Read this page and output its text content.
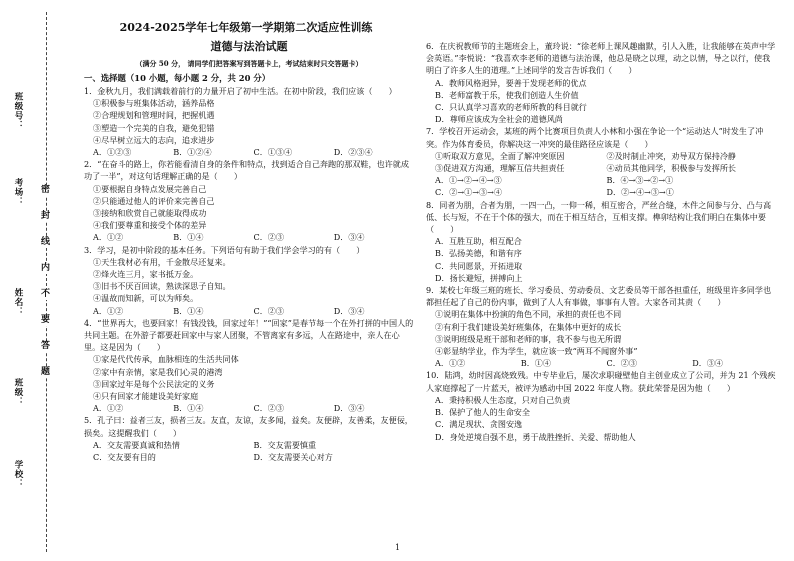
班级号：
考场：
姓名：
班级：
学校：
密
封
线
内
不
要
答
题
2024-2025学年七年级第一学期第二次适应性训练
道德与法治试题
（满分 50 分， 请同学们把答案写到答题卡上，考试结束时只交答题卡）
一、选择题（10 小题，每小题 2 分，共 20 分）

1．金秋九月，我们满载着前行的力量开启了初中生活。在初中阶段，我们应该（　　）

①积极参与班集体活动，涵养品格
②合理规划和管理时间，把握机遇
③塑造一个完美的自我，避免犯错
④尽早树立远大的志向，追求进步
A．①②③	B．①②④	C．①③④	D．②③④

2．“在奋斗的路上，你若能看清自身的条件和特点，找到适合自己奔跑的那双鞋，也许就成功了一半”，对这句话理解正确的是（　　）

①要根据自身特点发展完善自己
②只能通过他人的评价来完善自己
③接纳和欣赏自己就能取得成功
④我们要尊重和接受个体的差异
A．①②	B．①④	C．②③	D．③④

3．学习，是初中阶段的基本任务。下列语句有助于我们学会学习的有（　　）

①天生我材必有用，千金散尽还复来。
②烽火连三月，家书抵万金。
③旧书不厌百回读，熟读深思子自知。
④温故而知新，可以为师矣。
A．①②	B．①④	C．②③	D．③④

4．“世界再大，也要回家！有钱没钱，回家过年！”“回家”是春节每一个在外打拼的中国人的共同主题。在外游子都要赶回家中与家人团聚，不管离家有多远，人在路途中，亲人在心里。这是因为（　　）

①家是代代传承，血脉相连的生活共同体
②家中有亲情，家是我们心灵的港湾
③回家过年是每个公民法定的义务
④只有回家才能建设美好家庭
A．①②	B．①④	C．②③	D．③④

5．孔子曰：益者三友，损者三友。友直，友谅，友多闻，益矣。友便辟，友善柔，友便佞，损矣。这提醒我们（　　）

A．交友需要真诚和热情	B．交友需要慎重
C．交友要有目的	D．交友需要关心对方

6．在庆祝教师节的主题班会上，董玲说：“徐老师上课风趣幽默，引人入胜，让我能够在英声中学会英语。”李悦说：“我喜欢李老师的道德与法治课，他总是晓之以理，动之以情，导之以行，使我明白了许多人生的道理。”上述同学的发言告诉我们（　　）

A．教师风格迥异，要善于发现老师的优点
B．老师富教于乐，使我们创造人生价值
C．只认真学习喜欢的老师所教的科目就行
D．尊师应该成为全社会的道德风尚

7．学校召开运动会，某班的两个比赛项目负责人小林和小强在争论一个“运动达人”时发生了冲突。作为体育委员，你解决这一冲突的最佳路径应该是（　　）

①听取双方意见，全面了解冲突原因	②及时制止冲突，劝导双方保持冷静
③促进双方沟通，理解互信共担责任	④动员其他同学，积极参与发挥所长
A．①→②→④→③	B．④→③→②→①
C．②→①→③→④	D．②→④→③→①

8．同者为朋，合者为朋，一四一凸，一仰一稀，相互密合，严丝合缝，木件之间参与分、凸与高低、长与短，不在于个体的强大，而在于相互结合，互相支撑。榫卯结构让我们明白在集体中要（　　）

A．互胜互助，相互配合
B．弘扬美德，和谐有序
C．共同愿景，开拓进取
D．扬长避短，拼搏向上

9．某校七年级三班的班长、学习委员、劳动委员、文艺委员等干部各担重任，班级里许多同学也都担任起了自己的份内事，做到了人人有事做，事事有人管。大家各司其责（　　）

①说明在集体中扮演的角色不同，承担的责任也不同
②有利于我们建设美好班集体，在集体中更好的成长
③说明班级是班干部和老师的事，我不参与也无所谓
④彰显纳学业，作为学生，就应该一致“两耳不闻窗外事”
A．①②	B．①④	C．②③	D．③④

10．陆鸿，幼时因高烧致残。中专毕业后，屡次求职碰壁他自主创业成立了公司，并为 21 个残疾人家庭撑起了一片蓝天，被评为感动中国 2022 年度人物。获此荣誉是因为他（　　）

A．秉持积极人生态度，只对自己负责
B．保护了他人的生命安全
C．满足现状、贪图安逸
D．身处逆境自强不息，勇于战胜挫折、关爱、帮助他人
1
